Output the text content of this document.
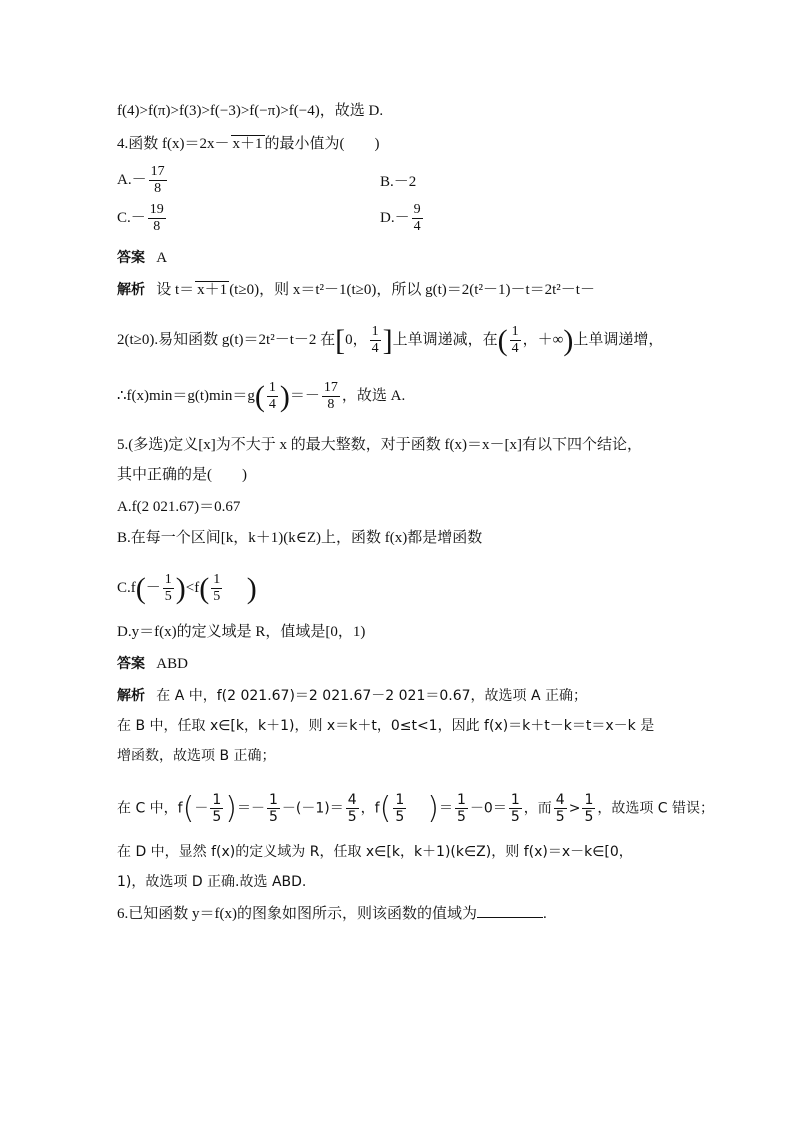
f(4)>f(π)>f(3)>f(−3)>f(−π)>f(−4)，故选 D.
4.函数 f(x)＝2x－ x＋1 的最小值为(　　)
$A.- \frac{17}{8}$	B.－2
$C.- \frac{19}{8}$	$D.- \frac{9}{4}$
答案 A
解析 设 t＝ x＋1 (t≥0)，则 x＝t²－1(t≥0)，所以 g(t)＝2(t²－1)－t＝2t²－t－
2(t≥0).易知函数 g(t)＝2t²－t－2 在[0， $\frac{1}{4}$ ]上单调递减，在( $\frac{1}{4}$ ，＋∞)上单调递增，
∴f(x)min＝g(t)min＝g( $\frac{1}{4}$ )＝－ $\frac{17}{8}$ ，故选 A.
5.(多选)定义[x]为不大于 x 的最大整数，对于函数 f(x)＝x－[x]有以下四个结论，
其中正确的是(　　)
A.f(2 021.67)＝0.67
B.在每一个区间[k，k＋1)(k∈Z)上，函数 f(x)都是增函数
$C.f(- \frac{1}{5} )<f( \frac{1}{5}$ )
D.y＝f(x)的定义域是 R，值域是[0，1)
答案 ABD
解析 在 A 中，f(2 021.67)＝2 021.67－2 021＝0.67，故选项 A 正确；
在 B 中，任取 x∈[k，k＋1)，则 x＝k＋t，0≤t<1，因此 f(x)＝k＋t－k＝t＝x－k 是
增函数，故选项 B 正确；
在 C 中，$f(- \frac{1}{5}$ )＝－ $\frac{1}{5} -(-1)= \frac{4}{5}$ ，$f( \frac{1}{5}$ )＝ $\frac{1}{5} -0= \frac{1}{5}$ ，而 $\frac{4}{5} > \frac{1}{5}$ ，故选项 C 错误；
在 D 中，显然 f(x)的定义域为 R，任取 x∈[k，k＋1)(k∈Z)，则 f(x)＝x－k∈[0，
1)，故选项 D 正确.故选 ABD.
6.已知函数 y＝f(x)的图象如图所示，则该函数的值域为	.
